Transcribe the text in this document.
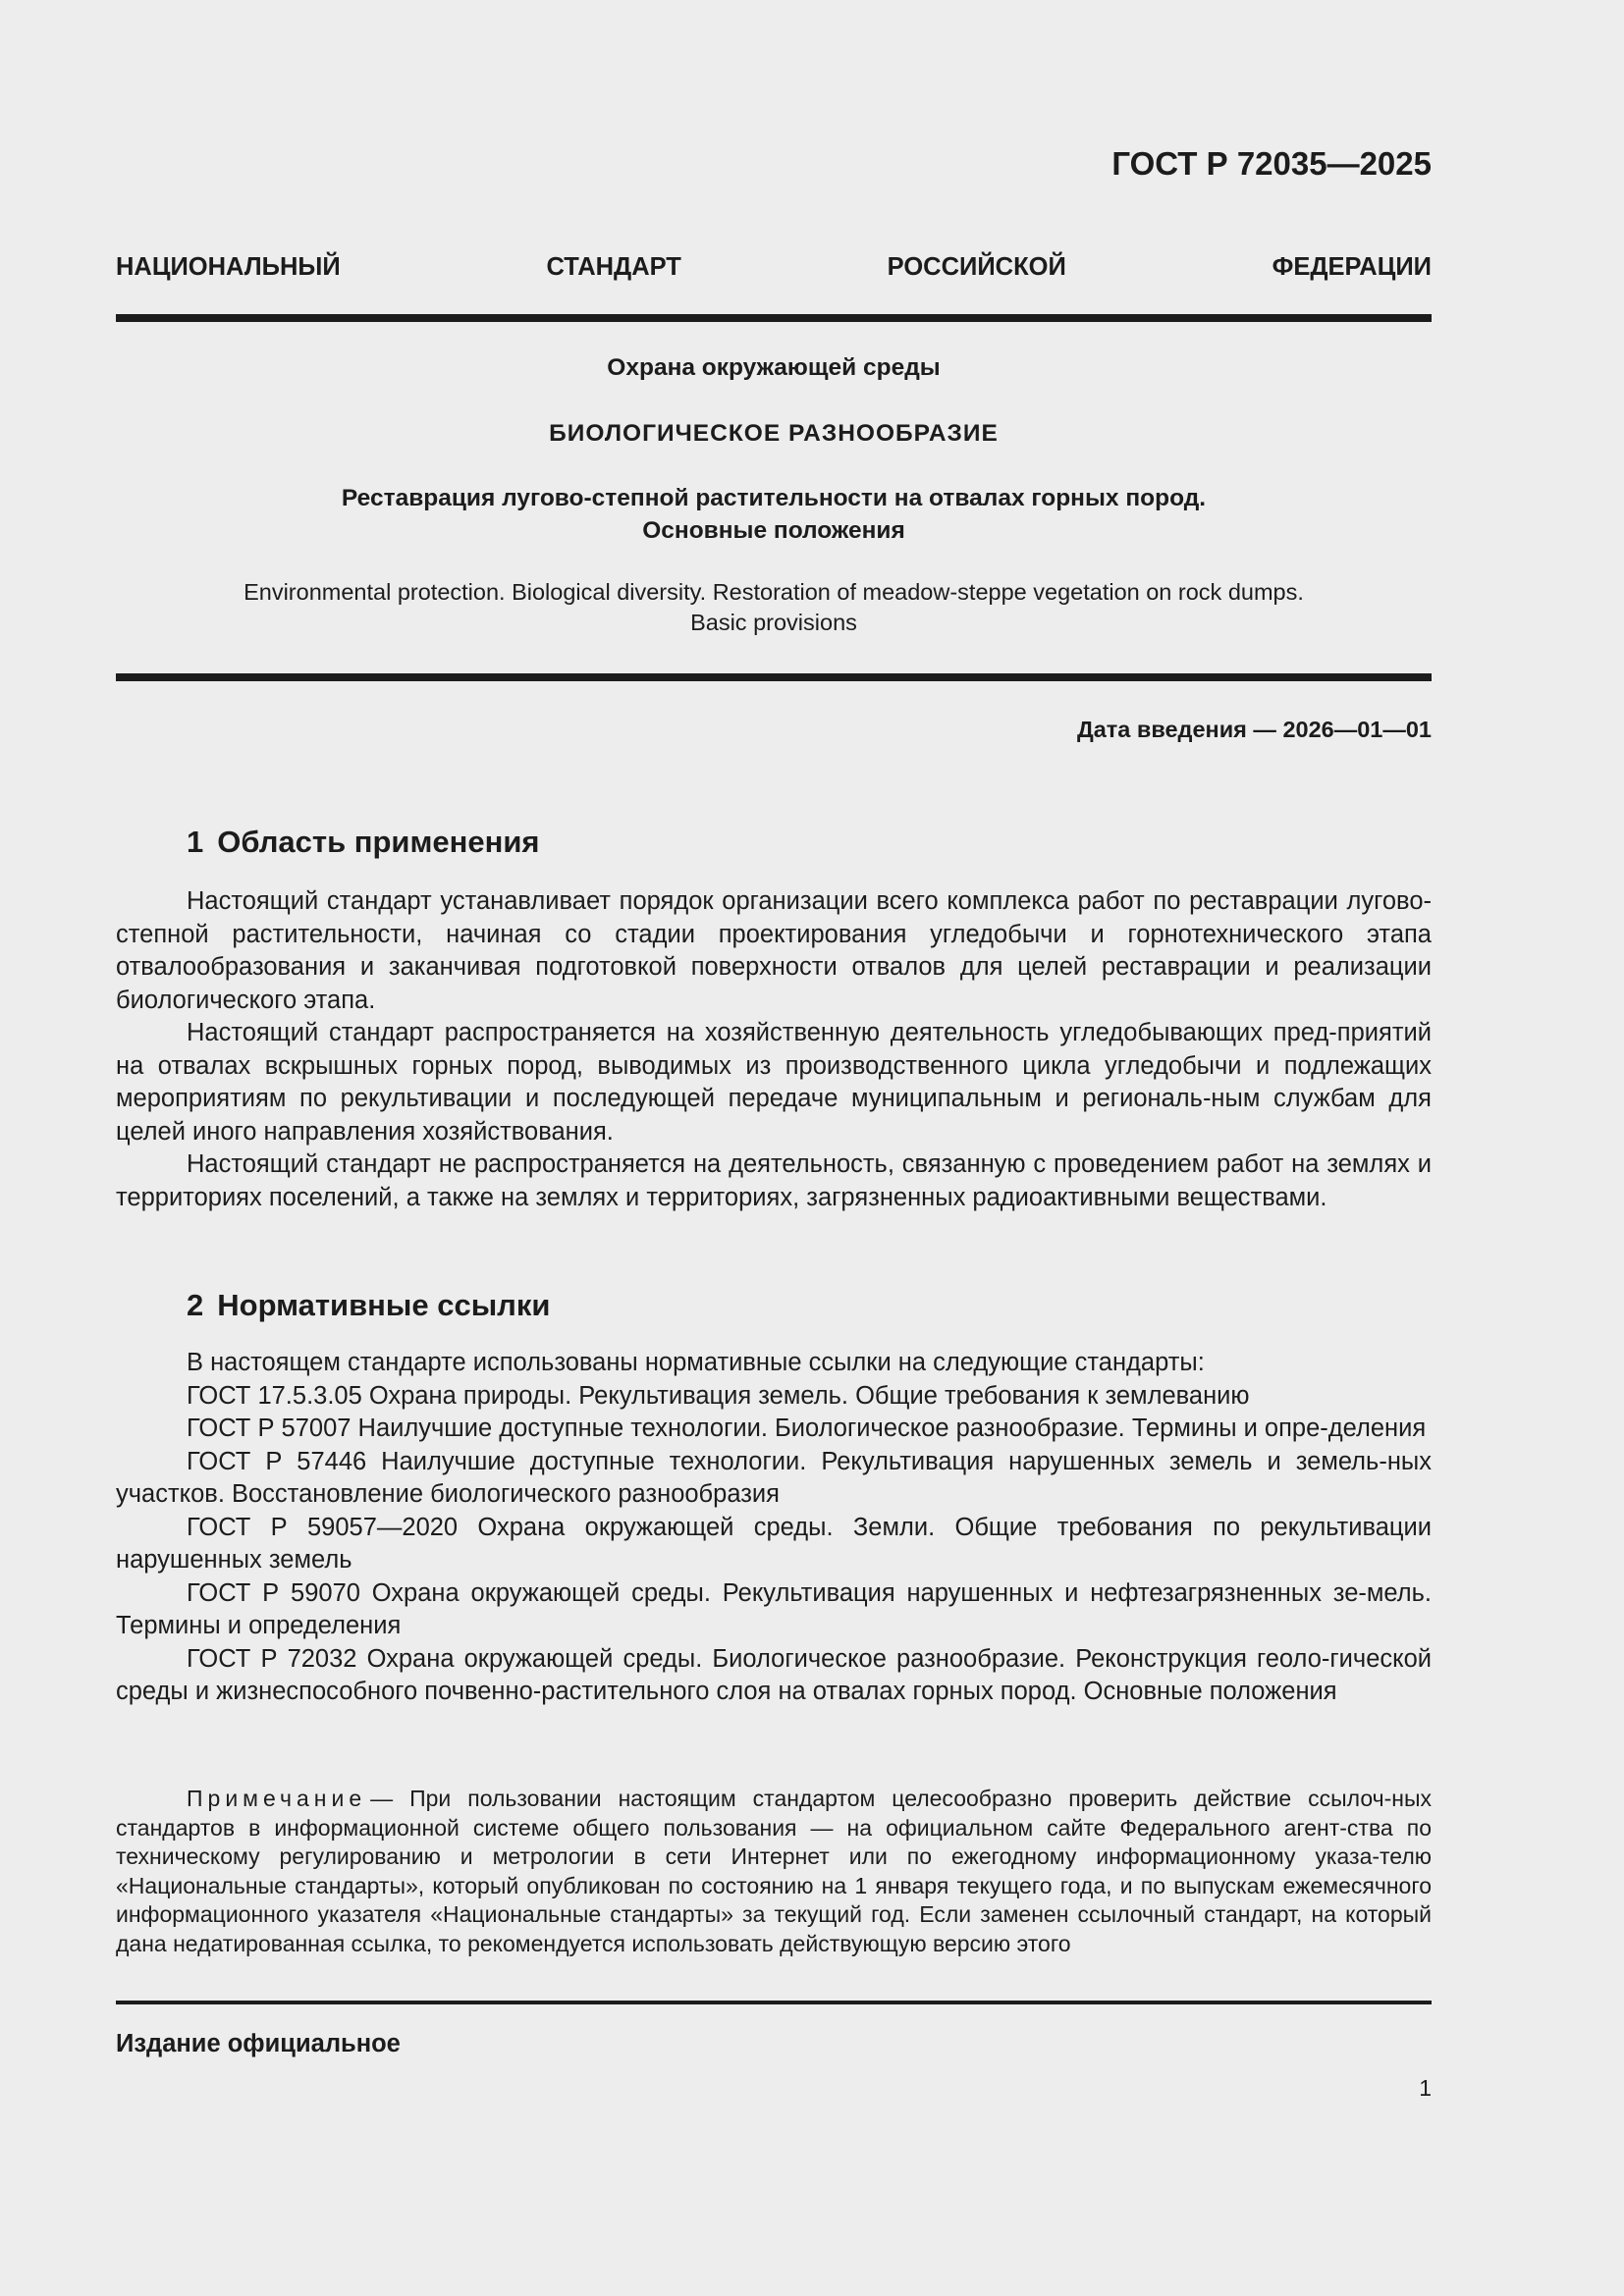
ГОСТ Р 72035—2025

НАЦИОНАЛЬНЫЙ СТАНДАРТ РОССИЙСКОЙ ФЕДЕРАЦИИ

Охрана окружающей среды

БИОЛОГИЧЕСКОЕ РАЗНООБРАЗИЕ

Реставрация лугово-степной растительности на отвалах горных пород.
Основные положения

Environmental protection. Biological diversity. Restoration of meadow-steppe vegetation on rock dumps.
Basic provisions

Дата введения — 2026—01—01

1 Область применения

Настоящий стандарт устанавливает порядок организации всего комплекса работ по реставрации лугово-степной растительности, начиная со стадии проектирования угледобычи и горнотехнического этапа отвалообразования и заканчивая подготовкой поверхности отвалов для целей реставрации и реализации биологического этапа.

Настоящий стандарт распространяется на хозяйственную деятельность угледобывающих пред-приятий на отвалах вскрышных горных пород, выводимых из производственного цикла угледобычи и подлежащих мероприятиям по рекультивации и последующей передаче муниципальным и региональ-ным службам для целей иного направления хозяйствования.

Настоящий стандарт не распространяется на деятельность, связанную с проведением работ на землях и территориях поселений, а также на землях и территориях, загрязненных радиоактивными веществами.

2 Нормативные ссылки

В настоящем стандарте использованы нормативные ссылки на следующие стандарты:

ГОСТ 17.5.3.05 Охрана природы. Рекультивация земель. Общие требования к землеванию

ГОСТ Р 57007 Наилучшие доступные технологии. Биологическое разнообразие. Термины и опре-деления

ГОСТ Р 57446 Наилучшие доступные технологии. Рекультивация нарушенных земель и земель-ных участков. Восстановление биологического разнообразия

ГОСТ Р 59057—2020 Охрана окружающей среды. Земли. Общие требования по рекультивации нарушенных земель

ГОСТ Р 59070 Охрана окружающей среды. Рекультивация нарушенных и нефтезагрязненных зе-мель. Термины и определения

ГОСТ Р 72032 Охрана окружающей среды. Биологическое разнообразие. Реконструкция геоло-гической среды и жизнеспособного почвенно-растительного слоя на отвалах горных пород. Основные положения

Примечание — При пользовании настоящим стандартом целесообразно проверить действие ссылоч-ных стандартов в информационной системе общего пользования — на официальном сайте Федерального агент-ства по техническому регулированию и метрологии в сети Интернет или по ежегодному информационному указа-телю «Национальные стандарты», который опубликован по состоянию на 1 января текущего года, и по выпускам ежемесячного информационного указателя «Национальные стандарты» за текущий год. Если заменен ссылочный стандарт, на который дана недатированная ссылка, то рекомендуется использовать действующую версию этого

Издание официальное

1
